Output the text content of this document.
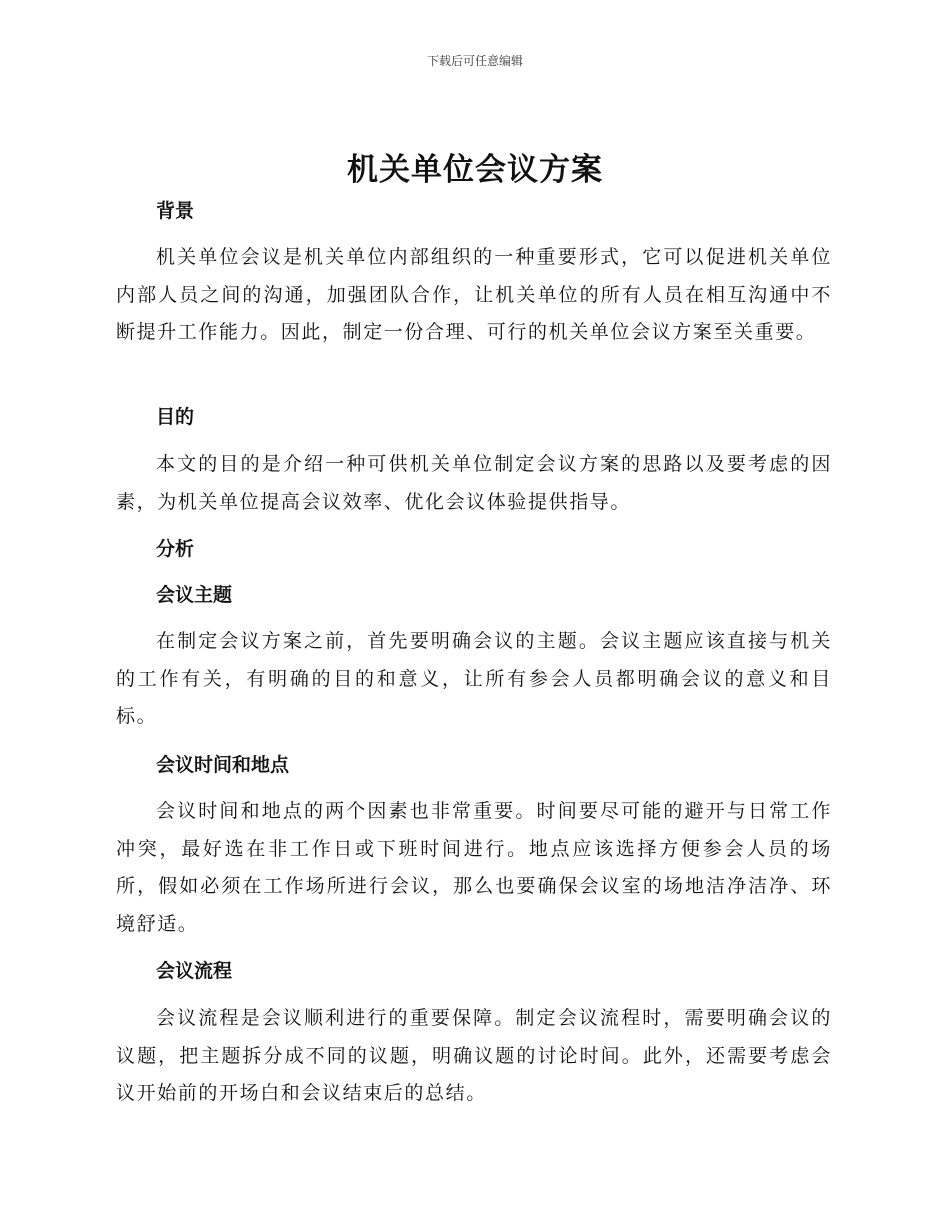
下载后可任意编辑
机关单位会议方案
背景

机关单位会议是机关单位内部组织的一种重要形式，它可以促进机关单位内部人员之间的沟通，加强团队合作，让机关单位的所有人员在相互沟通中不断提升工作能力。因此，制定一份合理、可行的机关单位会议方案至关重要。

目的

本文的目的是介绍一种可供机关单位制定会议方案的思路以及要考虑的因素，为机关单位提高会议效率、优化会议体验提供指导。

分析
会议主题

在制定会议方案之前，首先要明确会议的主题。会议主题应该直接与机关的工作有关，有明确的目的和意义，让所有参会人员都明确会议的意义和目标。

会议时间和地点

会议时间和地点的两个因素也非常重要。时间要尽可能的避开与日常工作冲突，最好选在非工作日或下班时间进行。地点应该选择方便参会人员的场所，假如必须在工作场所进行会议，那么也要确保会议室的场地洁净洁净、环境舒适。

会议流程

会议流程是会议顺利进行的重要保障。制定会议流程时，需要明确会议的议题，把主题拆分成不同的议题，明确议题的讨论时间。此外，还需要考虑会议开始前的开场白和会议结束后的总结。
